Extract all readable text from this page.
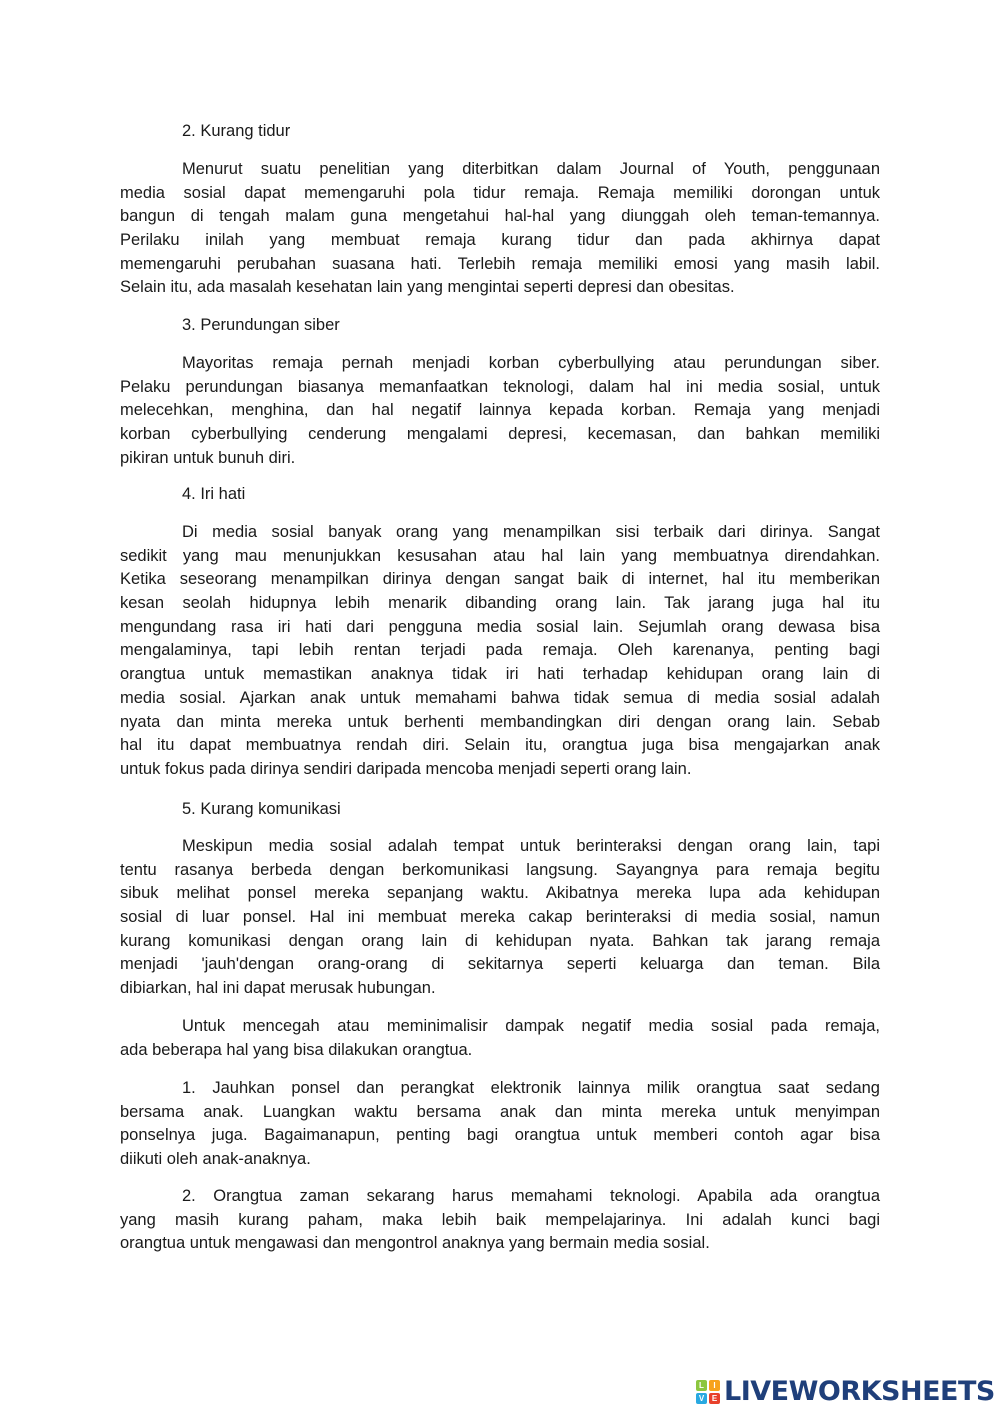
2. Kurang tidur
Menurut suatu penelitian yang diterbitkan dalam Journal of Youth, penggunaan
media sosial dapat memengaruhi pola tidur remaja. Remaja memiliki dorongan untuk
bangun di tengah malam guna mengetahui hal-hal yang diunggah oleh teman-temannya.
Perilaku inilah yang membuat remaja kurang tidur dan pada akhirnya dapat
memengaruhi perubahan suasana hati. Terlebih remaja memiliki emosi yang masih labil.
Selain itu, ada masalah kesehatan lain yang mengintai seperti depresi dan obesitas.
3. Perundungan siber
Mayoritas remaja pernah menjadi korban cyberbullying atau perundungan siber.
Pelaku perundungan biasanya memanfaatkan teknologi, dalam hal ini media sosial, untuk
melecehkan, menghina, dan hal negatif lainnya kepada korban. Remaja yang menjadi
korban cyberbullying cenderung mengalami depresi, kecemasan, dan bahkan memiliki
pikiran untuk bunuh diri.
4. Iri hati
Di media sosial banyak orang yang menampilkan sisi terbaik dari dirinya. Sangat
sedikit yang mau menunjukkan kesusahan atau hal lain yang membuatnya direndahkan.
Ketika seseorang menampilkan dirinya dengan sangat baik di internet, hal itu memberikan
kesan seolah hidupnya lebih menarik dibanding orang lain. Tak jarang juga hal itu
mengundang rasa iri hati dari pengguna media sosial lain. Sejumlah orang dewasa bisa
mengalaminya, tapi lebih rentan terjadi pada remaja. Oleh karenanya, penting bagi
orangtua untuk memastikan anaknya tidak iri hati terhadap kehidupan orang lain di
media sosial. Ajarkan anak untuk memahami bahwa tidak semua di media sosial adalah
nyata dan minta mereka untuk berhenti membandingkan diri dengan orang lain. Sebab
hal itu dapat membuatnya rendah diri. Selain itu, orangtua juga bisa mengajarkan anak
untuk fokus pada dirinya sendiri daripada mencoba menjadi seperti orang lain.
5. Kurang komunikasi
Meskipun media sosial adalah tempat untuk berinteraksi dengan orang lain, tapi
tentu rasanya berbeda dengan berkomunikasi langsung. Sayangnya para remaja begitu
sibuk melihat ponsel mereka sepanjang waktu. Akibatnya mereka lupa ada kehidupan
sosial di luar ponsel. Hal ini membuat mereka cakap berinteraksi di media sosial, namun
kurang komunikasi dengan orang lain di kehidupan nyata. Bahkan tak jarang remaja
menjadi 'jauh'dengan orang-orang di sekitarnya seperti keluarga dan teman. Bila
dibiarkan, hal ini dapat merusak hubungan.
Untuk mencegah atau meminimalisir dampak negatif media sosial pada remaja,
ada beberapa hal yang bisa dilakukan orangtua.
1. Jauhkan ponsel dan perangkat elektronik lainnya milik orangtua saat sedang
bersama anak. Luangkan waktu bersama anak dan minta mereka untuk menyimpan
ponselnya juga. Bagaimanapun, penting bagi orangtua untuk memberi contoh agar bisa
diikuti oleh anak-anaknya.
2. Orangtua zaman sekarang harus memahami teknologi. Apabila ada orangtua
yang masih kurang paham, maka lebih baik mempelajarinya. Ini adalah kunci bagi
orangtua untuk mengawasi dan mengontrol anaknya yang bermain media sosial.
L	I
V E LIVEWORKSHEETS
